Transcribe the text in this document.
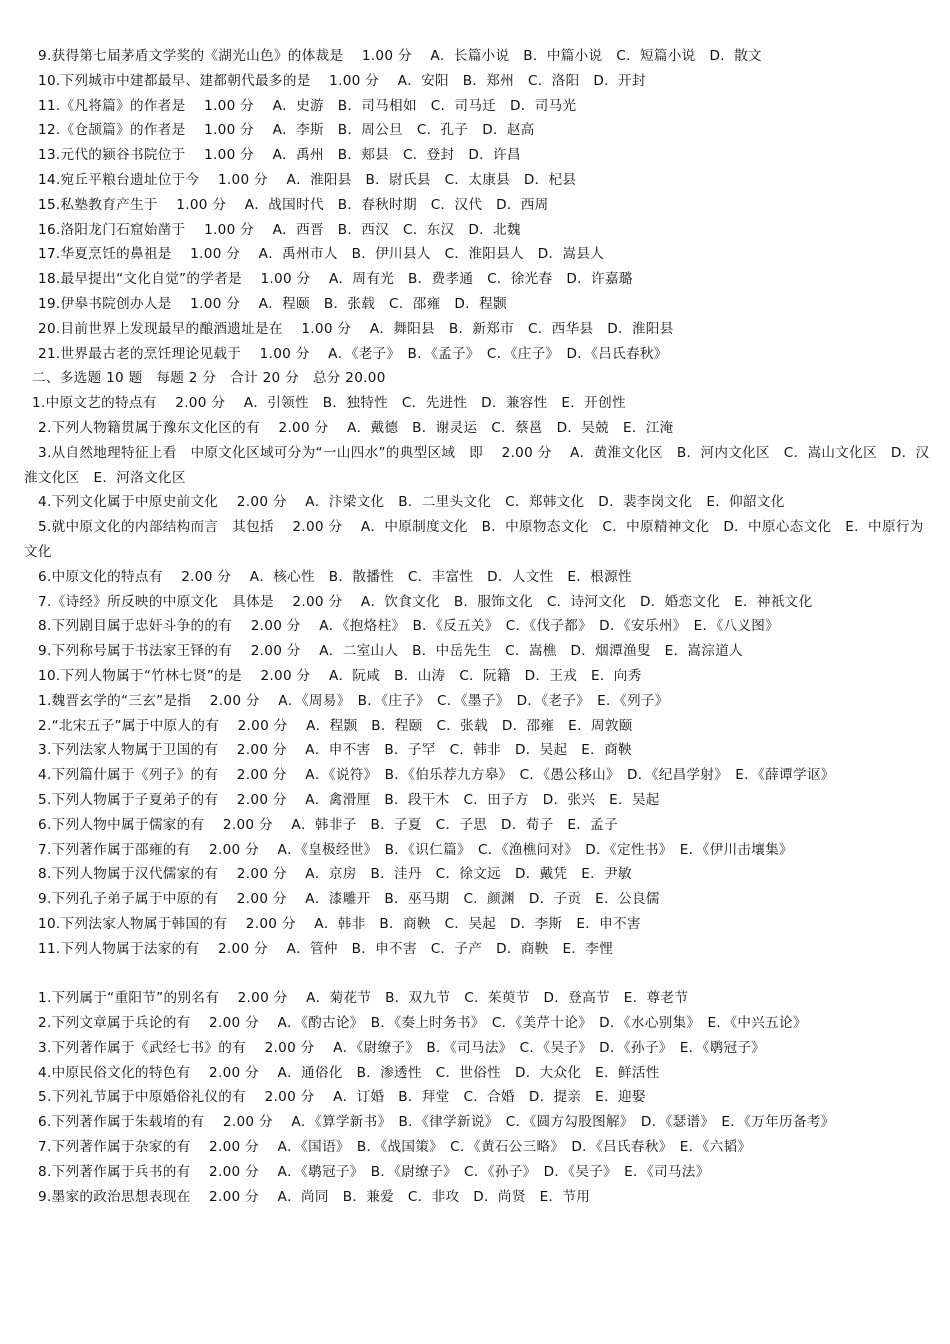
9.获得第七届茅盾文学奖的《湖光山色》的体裁是　 1.00 分　 A．长篇小说　B．中篇小说　C．短篇小说　D．散文
10.下列城市中建都最早、建都朝代最多的是　 1.00 分　 A．安阳　B．郑州　C．洛阳　D．开封
11.《凡将篇》的作者是　 1.00 分　 A．史游　B．司马相如　C．司马迁　D．司马光
12.《仓颉篇》的作者是　 1.00 分　 A．李斯　B．周公旦　C．孔子　D．赵高
13.元代的颍谷书院位于　 1.00 分　 A．禹州　B．郏县　C．登封　D．许昌
14.宛丘平粮台遗址位于今　 1.00 分　 A．淮阳县　B．尉氏县　C．太康县　D．杞县
15.私塾教育产生于　 1.00 分　 A．战国时代　B．春秋时期　C．汉代　D．西周
16.洛阳龙门石窟始凿于　 1.00 分　 A．西晋　B．西汉　C．东汉　D．北魏
17.华夏烹饪的鼻祖是　 1.00 分　 A．禹州市人　B．伊川县人　C．淮阳县人　D．嵩县人
18.最早提出“文化自觉”的学者是　 1.00 分　 A．周有光　B．费孝通　C．徐光春　D．许嘉璐
19.伊皋书院创办人是　 1.00 分　 A．程颐　B．张载　C．邵雍　D．程颢
20.目前世界上发现最早的酿酒遗址是在　 1.00 分　 A．舞阳县　B．新郑市　C．西华县　D．淮阳县
21.世界最古老的烹饪理论见载于　 1.00 分　 A．《老子》　B．《孟子》　C．《庄子》　D．《吕氏春秋》
二、多选题 10 题　每题 2 分　合计 20 分　总分 20.00
1.中原文艺的特点有　 2.00 分　 A．引领性　B．独特性　C．先进性　D．兼容性　E．开创性
2.下列人物籍贯属于豫东文化区的有　 2.00 分　 A．戴德　B．谢灵运　C．蔡邕　D．吴兢　E．江淹
3.从自然地理特征上看　中原文化区域可分为“一山四水”的典型区域　即　 2.00 分　 A．黄淮文化区　B．河内文化区　C．嵩山文化区　D．汉淮文化区　E．河洛文化区
4.下列文化属于中原史前文化　 2.00 分　 A．汴梁文化　B．二里头文化　C．郑韩文化　D．裴李岗文化　E．仰韶文化
5.就中原文化的内部结构而言　其包括　 2.00 分　 A．中原制度文化　B．中原物态文化　C．中原精神文化　D．中原心态文化　E．中原行为文化
6.中原文化的特点有　 2.00 分　 A．核心性　B．散播性　C．丰富性　D．人文性　E．根源性
7.《诗经》所反映的中原文化　具体是　 2.00 分　 A．饮食文化　B．服饰文化　C．诗河文化　D．婚恋文化　E．神祇文化
8.下列剧目属于忠奸斗争的的有　 2.00 分　 A．《抱烙柱》　B．《反五关》　C．《伐子都》　D．《安乐州》　E．《八义图》
9.下列称号属于书法家王铎的有　 2.00 分　 A．二室山人　B．中岳先生　C．嵩樵　D．烟潭渔叟　E．嵩淙道人
10.下列人物属于“竹林七贤”的是　 2.00 分　 A．阮咸　B．山涛　C．阮籍　D．王戎　E．向秀
1.魏晋玄学的“三玄”是指　 2.00 分　 A．《周易》　B．《庄子》　C．《墨子》　D．《老子》　E．《列子》
2.“北宋五子”属于中原人的有　 2.00 分　 A．程颢　B．程颐　C．张载　D．邵雍　E．周敦颐
3.下列法家人物属于卫国的有　 2.00 分　 A．申不害　B．子罕　C．韩非　D．吴起　E．商鞅
4.下列篇什属于《列子》的有　 2.00 分　 A．《说符》　B．《伯乐荐九方皋》　C．《愚公移山》　D．《纪昌学射》　E．《薛谭学讴》
5.下列人物属于子夏弟子的有　 2.00 分　 A．禽滑厘　B．段干木　C．田子方　D．张兴　E．吴起
6.下列人物中属于儒家的有　 2.00 分　 A．韩非子　B．子夏　C．子思　D．荀子　E．孟子
7.下列著作属于邵雍的有　 2.00 分　 A．《皇极经世》　B．《识仁篇》　C．《渔樵问对》　D．《定性书》　E．《伊川击壤集》
8.下列人物属于汉代儒家的有　 2.00 分　 A．京房　B．洼丹　C．徐文远　D．戴凭　E．尹敏
9.下列孔子弟子属于中原的有　 2.00 分　 A．漆雕开　B．巫马期　C．颜渊　D．子贡　E．公良儒
10.下列法家人物属于韩国的有　 2.00 分　 A．韩非　B．商鞅　C．吴起　D．李斯　E．申不害
11.下列人物属于法家的有　 2.00 分　 A．管仲　B．申不害　C．子产　D．商鞅　E．李悝
1.下列属于“重阳节”的别名有　 2.00 分　 A．菊花节　B．双九节　C．茱萸节　D．登高节　E．尊老节
2.下列文章属于兵论的有　 2.00 分　 A．《酌古论》　B．《奏上时务书》　C．《美芹十论》　D．《水心别集》　E．《中兴五论》
3.下列著作属于《武经七书》的有　 2.00 分　 A．《尉缭子》　B．《司马法》　C．《吴子》　D．《孙子》　E．《鹖冠子》
4.中原民俗文化的特色有　 2.00 分　 A．通俗化　B．渗透性　C．世俗性　D．大众化　E．鲜活性
5.下列礼节属于中原婚俗礼仪的有　 2.00 分　 A．订婚　B．拜堂　C．合婚　D．提亲　E．迎娶
6.下列著作属于朱载堉的有　 2.00 分　 A．《算学新书》　B．《律学新说》　C．《圆方勾股图解》　D．《瑟谱》　E．《万年历备考》
7.下列著作属于杂家的有　 2.00 分　 A．《国语》　B．《战国策》　C．《黄石公三略》　D．《吕氏春秋》　E．《六韬》
8.下列著作属于兵书的有　 2.00 分　 A．《鹖冠子》　B．《尉缭子》　C．《孙子》　D．《吴子》　E．《司马法》
9.墨家的政治思想表现在　 2.00 分　 A．尚同　B．兼爱　C．非攻　D．尚贤　E．节用
